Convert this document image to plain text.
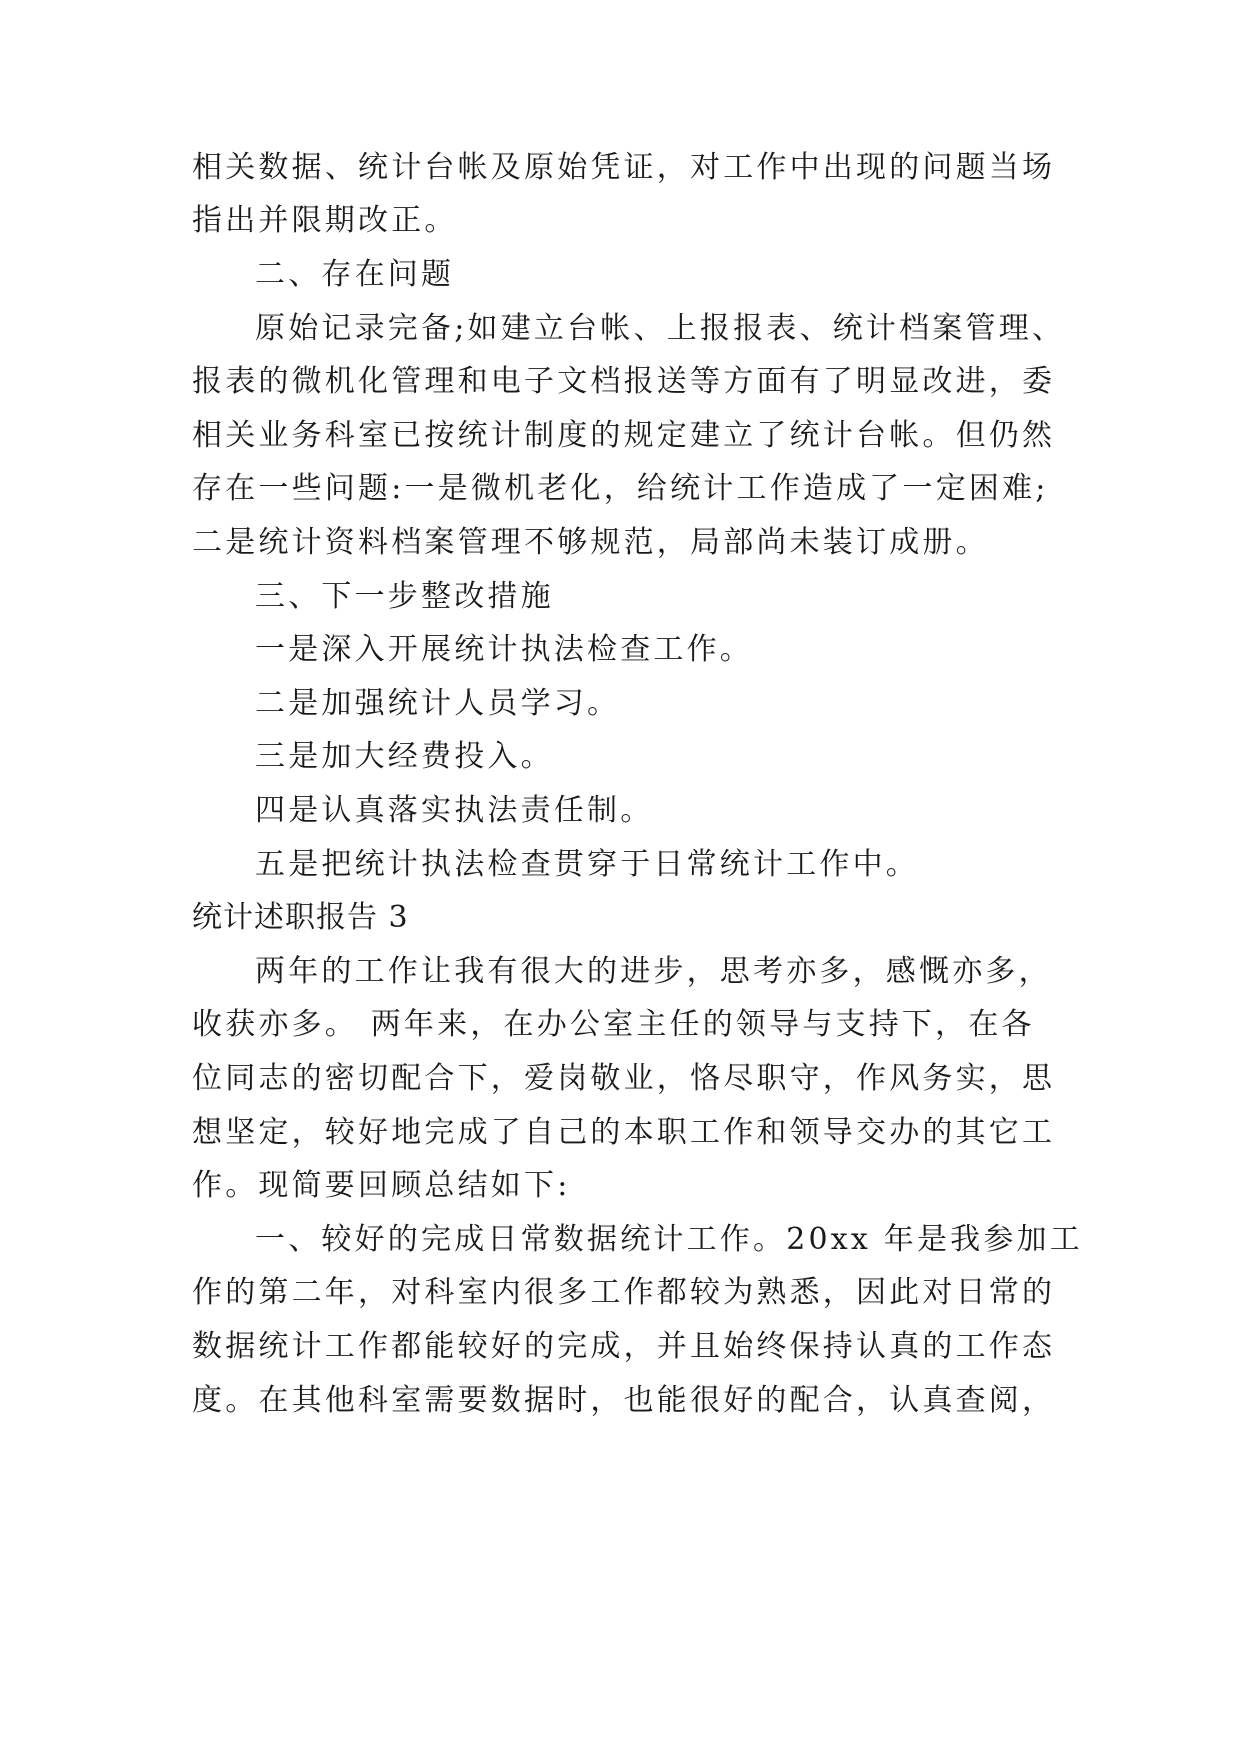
相关数据、统计台帐及原始凭证，对工作中出现的问题当场
指出并限期改正。
二、存在问题
原始记录完备;如建立台帐、上报报表、统计档案管理、
报表的微机化管理和电子文档报送等方面有了明显改进，委
相关业务科室已按统计制度的规定建立了统计台帐。但仍然
存在一些问题:一是微机老化，给统计工作造成了一定困难;
二是统计资料档案管理不够规范，局部尚未装订成册。
三、下一步整改措施
一是深入开展统计执法检查工作。
二是加强统计人员学习。
三是加大经费投入。
四是认真落实执法责任制。
五是把统计执法检查贯穿于日常统计工作中。
统计述职报告 3
两年的工作让我有很大的进步，思考亦多，感慨亦多，
收获亦多。 两年来，在办公室主任的领导与支持下，在各
位同志的密切配合下，爱岗敬业，恪尽职守，作风务实，思
想坚定，较好地完成了自己的本职工作和领导交办的其它工
作。现简要回顾总结如下:
一、较好的完成日常数据统计工作。20xx 年是我参加工
作的第二年，对科室内很多工作都较为熟悉，因此对日常的
数据统计工作都能较好的完成，并且始终保持认真的工作态
度。在其他科室需要数据时，也能很好的配合，认真查阅，
